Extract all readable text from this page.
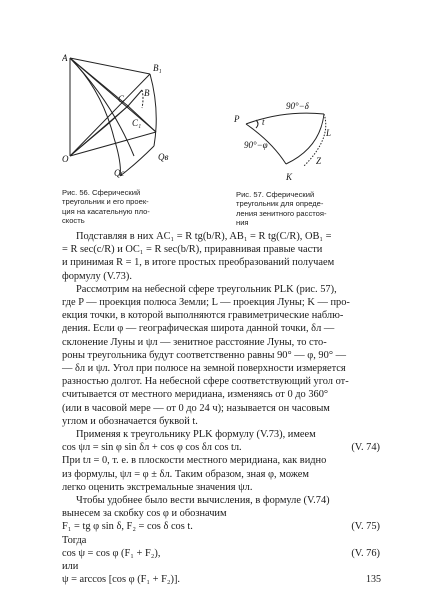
A
B₁
B
C
C₁
O	Qв
Qс
Рис. 56. Сферический
треугольник и его проек-
ция на касательную пло-
скость
P	t
90°−δ
90°−φ
L
Z
K
Рис. 57. Сферический
треугольник для опреде-
ления зенитного расстоя-
ния

Подставляя в них AC₁ = R tg(b/R), AB₁ = R tg(C/R), OB₁ =
= R sec(c/R) и OC₁ = R sec(b/R), приравнивая правые части
и принимая R = 1, в итоге простых преобразований получаем
формулу (V.73).

Рассмотрим на небесной сфере треугольник PLK (рис. 57),
где P — проекция полюса Земли; L — проекция Луны; K — про-
екция точки, в которой выполняются гравиметрические наблю-
дения. Если φ — географическая широта данной точки, δл —
склонение Луны и ψл — зенитное расстояние Луны, то сто-
роны треугольника будут соответственно равны 90° — φ, 90° —
— δл и ψл. Угол при полюсе на земной поверхности измеряется
разностью долгот. На небесной сфере соответствующий угол от-
считывается от местного меридиана, изменяясь от 0 до 360°
(или в часовой мере — от 0 до 24 ч); называется он часовым
углом и обозначается буквой t.

Применяя к треугольнику PLK формулу (V.73), имеем

cos ψл = sin φ sin δл + cos φ cos δл cos tл.	(V. 74)

При tл = 0, т. е. в плоскости местного меридиана, как видно
из формулы, ψл = φ ± δл. Таким образом, зная φ, можем
легко оценить экстремальные значения ψл.

Чтобы удобнее было вести вычисления, в формуле (V.74)
вынесем за скобку cos φ и обозначим

F₁ = tg φ sin δ, F₂ = cos δ cos t.	(V. 75)

Тогда

cos ψ = cos φ (F₁ + F₂),	(V. 76)

или

ψ = arccos [cos φ (F₁ + F₂)].	135
